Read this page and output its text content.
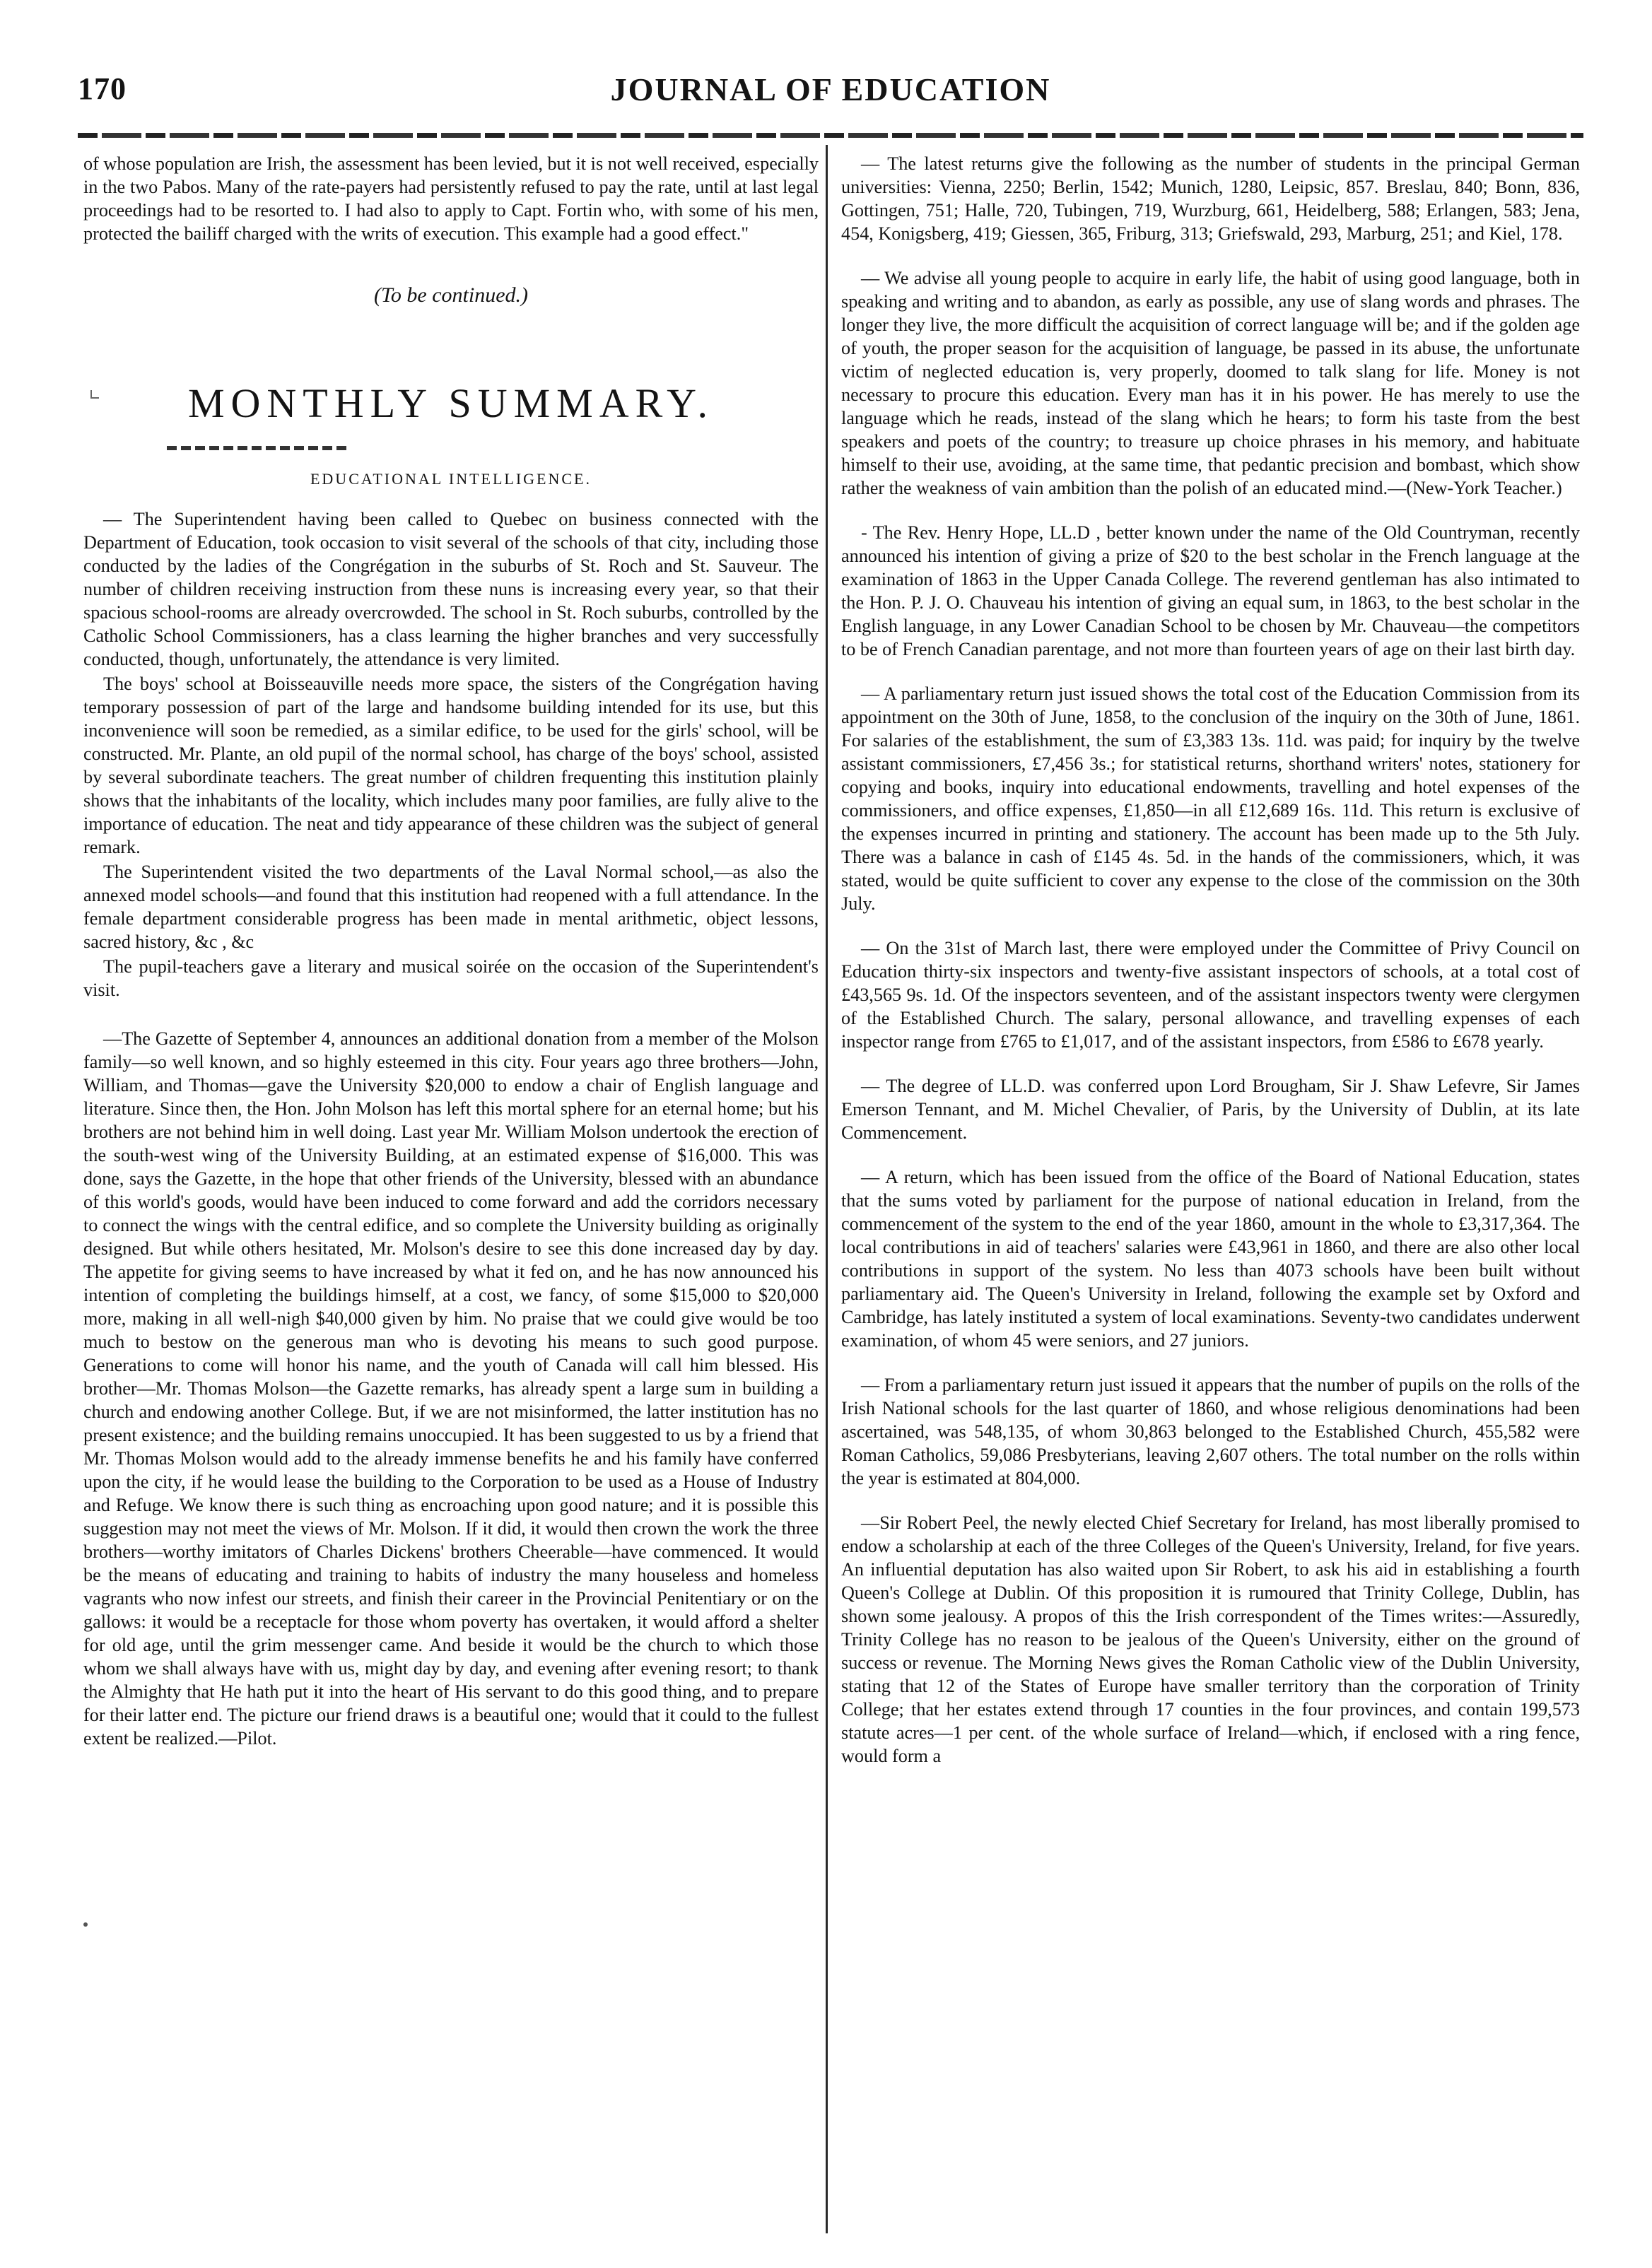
170	JOURNAL OF EDUCATION

of whose population are Irish, the assessment has been levied, but it is not well received, especially in the two Pabos. Many of the rate-payers had persistently refused to pay the rate, until at last legal proceedings had to be resorted to. I had also to apply to Capt. Fortin who, with some of his men, protected the bailiff charged with the writs of execution. This example had a good effect."

(To be continued.)

MONTHLY SUMMARY.

EDUCATIONAL INTELLIGENCE.

— The Superintendent having been called to Quebec on business connected with the Department of Education, took occasion to visit several of the schools of that city, including those conducted by the ladies of the Congrégation in the suburbs of St. Roch and St. Sauveur. The number of children receiving instruction from these nuns is increasing every year, so that their spacious school-rooms are already overcrowded. The school in St. Roch suburbs, controlled by the Catholic School Commissioners, has a class learning the higher branches and very successfully conducted, though, unfortunately, the attendance is very limited.

The boys' school at Boisseauville needs more space, the sisters of the Congrégation having temporary possession of part of the large and handsome building intended for its use, but this inconvenience will soon be remedied, as a similar edifice, to be used for the girls' school, will be constructed. Mr. Plante, an old pupil of the normal school, has charge of the boys' school, assisted by several subordinate teachers. The great number of children frequenting this institution plainly shows that the inhabitants of the locality, which includes many poor families, are fully alive to the importance of education. The neat and tidy appearance of these children was the subject of general remark.

The Superintendent visited the two departments of the Laval Normal school,—as also the annexed model schools—and found that this institution had reopened with a full attendance. In the female department considerable progress has been made in mental arithmetic, object lessons, sacred history, &c , &c

The pupil-teachers gave a literary and musical soirée on the occasion of the Superintendent's visit.

—The Gazette of September 4, announces an additional donation from a member of the Molson family—so well known, and so highly esteemed in this city. Four years ago three brothers—John, William, and Thomas—gave the University $20,000 to endow a chair of English language and literature. Since then, the Hon. John Molson has left this mortal sphere for an eternal home; but his brothers are not behind him in well doing. Last year Mr. William Molson undertook the erection of the south-west wing of the University Building, at an estimated expense of $16,000. This was done, says the Gazette, in the hope that other friends of the University, blessed with an abundance of this world's goods, would have been induced to come forward and add the corridors necessary to connect the wings with the central edifice, and so complete the University building as originally designed. But while others hesitated, Mr. Molson's desire to see this done increased day by day. The appetite for giving seems to have increased by what it fed on, and he has now announced his intention of completing the buildings himself, at a cost, we fancy, of some $15,000 to $20,000 more, making in all well-nigh $40,000 given by him. No praise that we could give would be too much to bestow on the generous man who is devoting his means to such good purpose. Generations to come will honor his name, and the youth of Canada will call him blessed. His brother—Mr. Thomas Molson—the Gazette remarks, has already spent a large sum in building a church and endowing another College. But, if we are not misinformed, the latter institution has no present existence; and the building remains unoccupied. It has been suggested to us by a friend that Mr. Thomas Molson would add to the already immense benefits he and his family have conferred upon the city, if he would lease the building to the Corporation to be used as a House of Industry and Refuge. We know there is such thing as encroaching upon good nature; and it is possible this suggestion may not meet the views of Mr. Molson. If it did, it would then crown the work the three brothers—worthy imitators of Charles Dickens' brothers Cheerable—have commenced. It would be the means of educating and training to habits of industry the many houseless and homeless vagrants who now infest our streets, and finish their career in the Provincial Penitentiary or on the gallows: it would be a receptacle for those whom poverty has overtaken, it would afford a shelter for old age, until the grim messenger came. And beside it would be the church to which those whom we shall always have with us, might day by day, and evening after evening resort; to thank the Almighty that He hath put it into the heart of His servant to do this good thing, and to prepare for their latter end. The picture our friend draws is a beautiful one; would that it could to the fullest extent be realized.—Pilot.

— The latest returns give the following as the number of students in the principal German universities: Vienna, 2250; Berlin, 1542; Munich, 1280, Leipsic, 857. Breslau, 840; Bonn, 836, Gottingen, 751; Halle, 720, Tubingen, 719, Wurzburg, 661, Heidelberg, 588; Erlangen, 583; Jena, 454, Konigsberg, 419; Giessen, 365, Friburg, 313; Griefswald, 293, Marburg, 251; and Kiel, 178.

— We advise all young people to acquire in early life, the habit of using good language, both in speaking and writing and to abandon, as early as possible, any use of slang words and phrases. The longer they live, the more difficult the acquisition of correct language will be; and if the golden age of youth, the proper season for the acquisition of language, be passed in its abuse, the unfortunate victim of neglected education is, very properly, doomed to talk slang for life. Money is not necessary to procure this education. Every man has it in his power. He has merely to use the language which he reads, instead of the slang which he hears; to form his taste from the best speakers and poets of the country; to treasure up choice phrases in his memory, and habituate himself to their use, avoiding, at the same time, that pedantic precision and bombast, which show rather the weakness of vain ambition than the polish of an educated mind.—(New-York Teacher.)

- The Rev. Henry Hope, LL.D , better known under the name of the Old Countryman, recently announced his intention of giving a prize of $20 to the best scholar in the French language at the examination of 1863 in the Upper Canada College. The reverend gentleman has also intimated to the Hon. P. J. O. Chauveau his intention of giving an equal sum, in 1863, to the best scholar in the English language, in any Lower Canadian School to be chosen by Mr. Chauveau—the competitors to be of French Canadian parentage, and not more than fourteen years of age on their last birth day.

— A parliamentary return just issued shows the total cost of the Education Commission from its appointment on the 30th of June, 1858, to the conclusion of the inquiry on the 30th of June, 1861. For salaries of the establishment, the sum of £3,383 13s. 11d. was paid; for inquiry by the twelve assistant commissioners, £7,456 3s.; for statistical returns, shorthand writers' notes, stationery for copying and books, inquiry into educational endowments, travelling and hotel expenses of the commissioners, and office expenses, £1,850—in all £12,689 16s. 11d. This return is exclusive of the expenses incurred in printing and stationery. The account has been made up to the 5th July. There was a balance in cash of £145 4s. 5d. in the hands of the commissioners, which, it was stated, would be quite sufficient to cover any expense to the close of the commission on the 30th July.

— On the 31st of March last, there were employed under the Committee of Privy Council on Education thirty-six inspectors and twenty-five assistant inspectors of schools, at a total cost of £43,565 9s. 1d. Of the inspectors seventeen, and of the assistant inspectors twenty were clergymen of the Established Church. The salary, personal allowance, and travelling expenses of each inspector range from £765 to £1,017, and of the assistant inspectors, from £586 to £678 yearly.

— The degree of LL.D. was conferred upon Lord Brougham, Sir J. Shaw Lefevre, Sir James Emerson Tennant, and M. Michel Chevalier, of Paris, by the University of Dublin, at its late Commencement.

— A return, which has been issued from the office of the Board of National Education, states that the sums voted by parliament for the purpose of national education in Ireland, from the commencement of the system to the end of the year 1860, amount in the whole to £3,317,364. The local contributions in aid of teachers' salaries were £43,961 in 1860, and there are also other local contributions in support of the system. No less than 4073 schools have been built without parliamentary aid. The Queen's University in Ireland, following the example set by Oxford and Cambridge, has lately instituted a system of local examinations. Seventy-two candidates underwent examination, of whom 45 were seniors, and 27 juniors.

— From a parliamentary return just issued it appears that the number of pupils on the rolls of the Irish National schools for the last quarter of 1860, and whose religious denominations had been ascertained, was 548,135, of whom 30,863 belonged to the Established Church, 455,582 were Roman Catholics, 59,086 Presbyterians, leaving 2,607 others. The total number on the rolls within the year is estimated at 804,000.

—Sir Robert Peel, the newly elected Chief Secretary for Ireland, has most liberally promised to endow a scholarship at each of the three Colleges of the Queen's University, Ireland, for five years. An influential deputation has also waited upon Sir Robert, to ask his aid in establishing a fourth Queen's College at Dublin. Of this proposition it is rumoured that Trinity College, Dublin, has shown some jealousy. A propos of this the Irish correspondent of the Times writes:—Assuredly, Trinity College has no reason to be jealous of the Queen's University, either on the ground of success or revenue. The Morning News gives the Roman Catholic view of the Dublin University, stating that 12 of the States of Europe have smaller territory than the corporation of Trinity College; that her estates extend through 17 counties in the four provinces, and contain 199,573 statute acres—1 per cent. of the whole surface of Ireland—which, if enclosed with a ring fence, would form a
